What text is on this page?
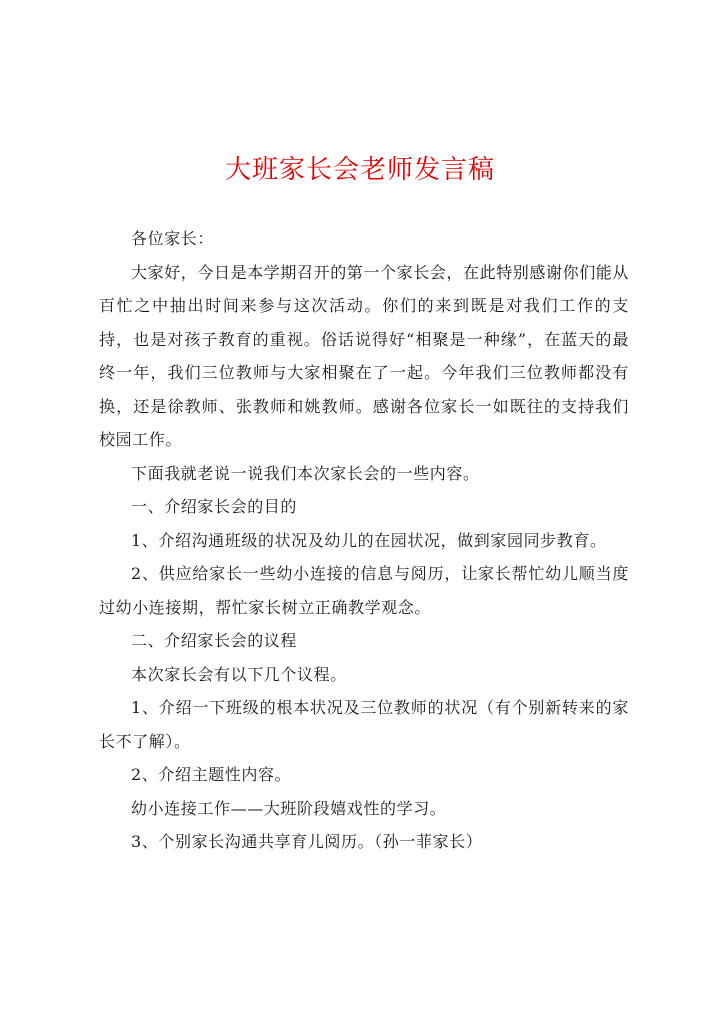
大班家长会老师发言稿

各位家长：

大家好，今日是本学期召开的第一个家长会，在此特别感谢你们能从百忙之中抽出时间来参与这次活动。你们的来到既是对我们工作的支持，也是对孩子教育的重视。俗话说得好“相聚是一种缘”，在蓝天的最终一年，我们三位教师与大家相聚在了一起。今年我们三位教师都没有换，还是徐教师、张教师和姚教师。感谢各位家长一如既往的支持我们校园工作。

下面我就老说一说我们本次家长会的一些内容。

一、介绍家长会的目的

1、介绍沟通班级的状况及幼儿的在园状况，做到家园同步教育。

2、供应给家长一些幼小连接的信息与阅历，让家长帮忙幼儿顺当度过幼小连接期，帮忙家长树立正确教学观念。

二、介绍家长会的议程

本次家长会有以下几个议程。

1、介绍一下班级的根本状况及三位教师的状况（有个别新转来的家长不了解）。

2、介绍主题性内容。

幼小连接工作——大班阶段嬉戏性的学习。

3、个别家长沟通共享育儿阅历。（孙一菲家长）
